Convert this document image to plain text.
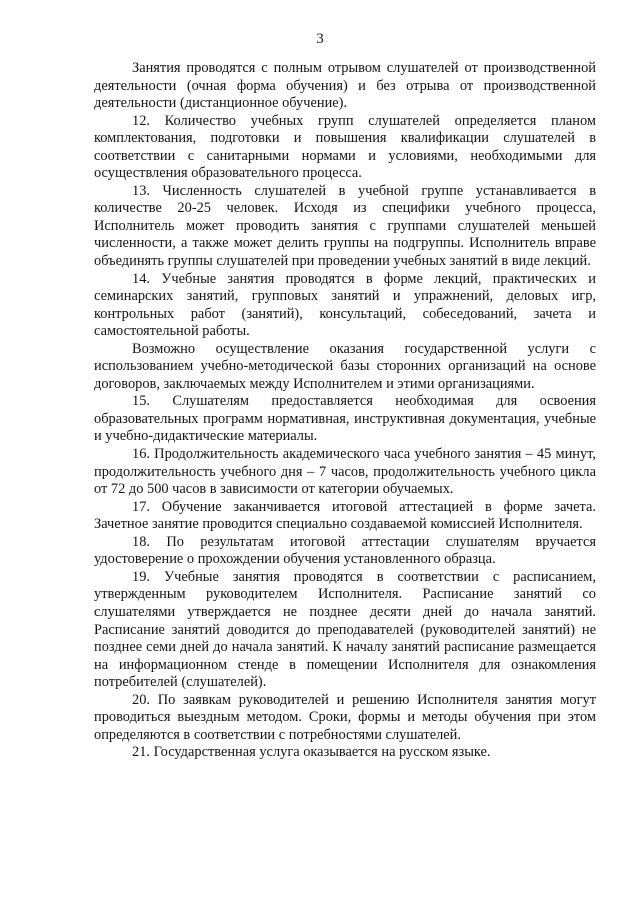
3

Занятия проводятся с полным отрывом слушателей от производственной деятельности (очная форма обучения) и без отрыва от производственной деятельности (дистанционное обучение).

12. Количество учебных групп слушателей определяется планом комплектования, подготовки и повышения квалификации слушателей в соответствии с санитарными нормами и условиями, необходимыми для осуществления образовательного процесса.

13. Численность слушателей в учебной группе устанавливается в количестве 20-25 человек. Исходя из специфики учебного процесса, Исполнитель может проводить занятия с группами слушателей меньшей численности, а также может делить группы на подгруппы. Исполнитель вправе объединять группы слушателей при проведении учебных занятий в виде лекций.

14. Учебные занятия проводятся в форме лекций, практических и семинарских занятий, групповых занятий и упражнений, деловых игр, контрольных работ (занятий), консультаций, собеседований, зачета и самостоятельной работы.

Возможно осуществление оказания государственной услуги с использованием учебно-методической базы сторонних организаций на основе договоров, заключаемых между Исполнителем и этими организациями.

15. Слушателям предоставляется необходимая для освоения образовательных программ нормативная, инструктивная документация, учебные и учебно-дидактические материалы.

16. Продолжительность академического часа учебного занятия – 45 минут, продолжительность учебного дня – 7 часов, продолжительность учебного цикла от 72 до 500 часов в зависимости от категории обучаемых.

17. Обучение заканчивается итоговой аттестацией в форме зачета. Зачетное занятие проводится специально создаваемой комиссией Исполнителя.

18. По результатам итоговой аттестации слушателям вручается удостоверение о прохождении обучения установленного образца.

19. Учебные занятия проводятся в соответствии с расписанием, утвержденным руководителем Исполнителя. Расписание занятий со слушателями утверждается не позднее десяти дней до начала занятий. Расписание занятий доводится до преподавателей (руководителей занятий) не позднее семи дней до начала занятий. К началу занятий расписание размещается на информационном стенде в помещении Исполнителя для ознакомления потребителей (слушателей).

20. По заявкам руководителей и решению Исполнителя занятия могут проводиться выездным методом. Сроки, формы и методы обучения при этом определяются в соответствии с потребностями слушателей.

21. Государственная услуга оказывается на русском языке.
